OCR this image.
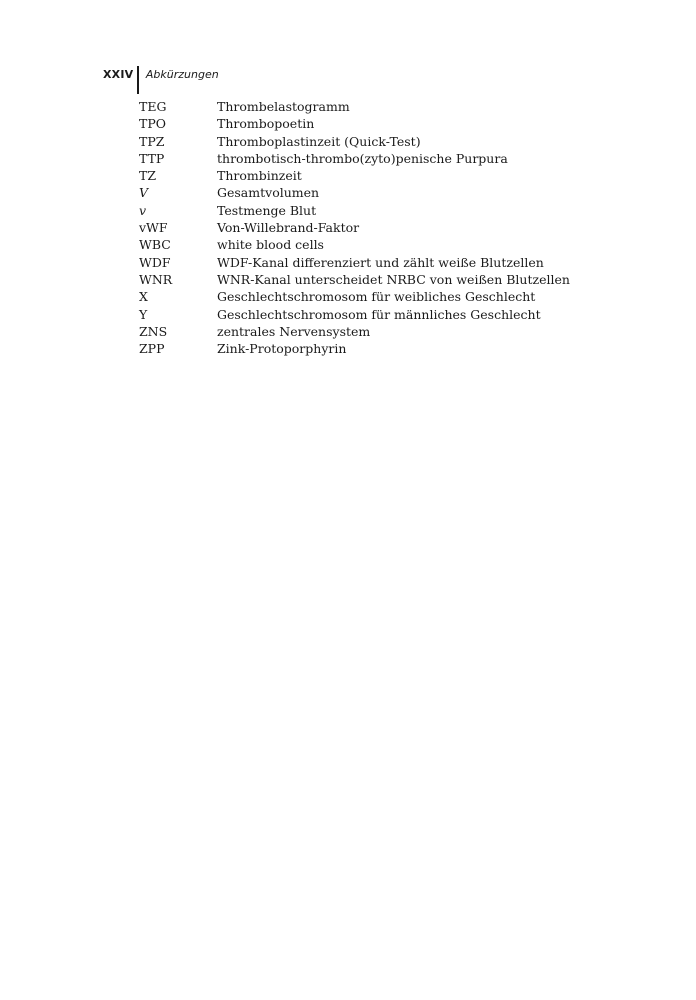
XXIV Abkürzungen
TEG	Thrombelastogramm
TPO	Thrombopoetin
TPZ	Thromboplastinzeit (Quick-Test)
TTP	thrombotisch-thrombo(zyto)penische Purpura
TZ	Thrombinzeit
V	Gesamtvolumen
v	Testmenge Blut
vWF	Von-Willebrand-Faktor
WBC	white blood cells
WDF	WDF-Kanal differenziert und zählt weiße Blutzellen
WNR	WNR-Kanal unterscheidet NRBC von weißen Blutzellen
X	Geschlechtschromosom für weibliches Geschlecht
Y	Geschlechtschromosom für männliches Geschlecht
ZNS	zentrales Nervensystem
ZPP	Zink-Protoporphyrin
